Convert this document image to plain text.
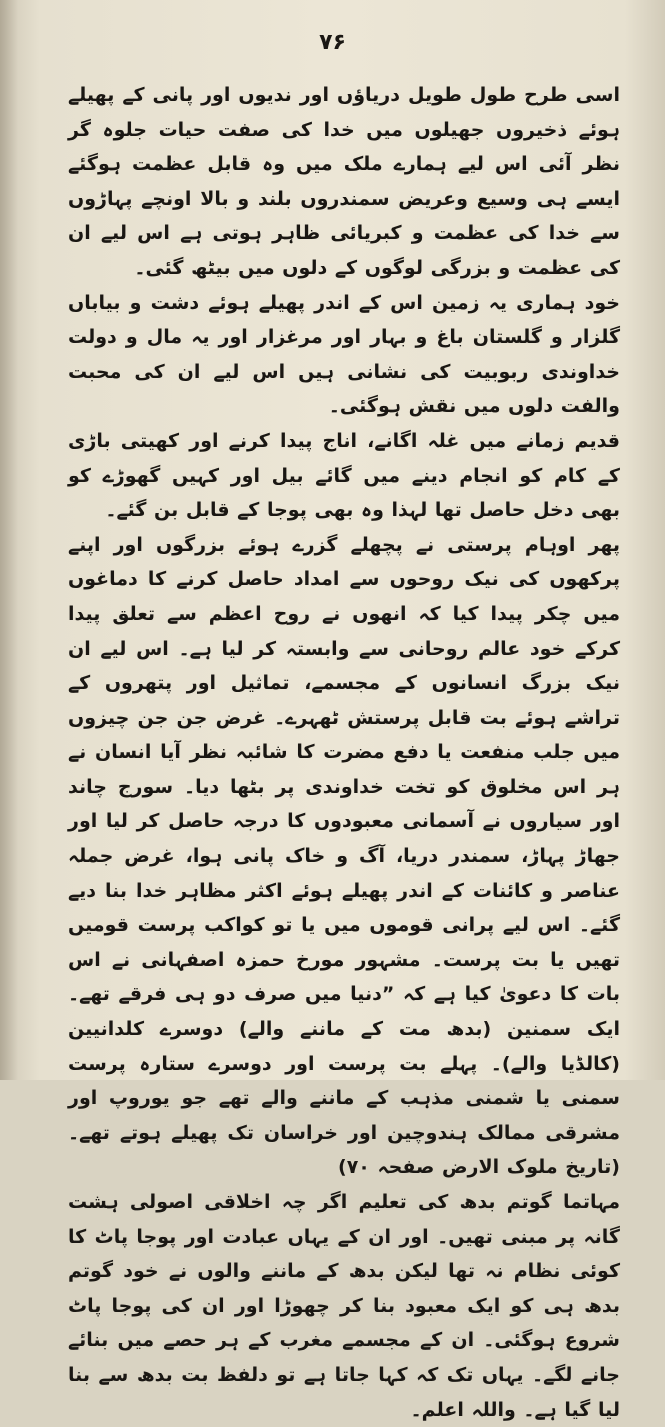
۷۶

اسی طرح طول طویل دریاؤں اور ندیوں اور پانی کے پھیلے ہوئے ذخیروں جھیلوں میں خدا کی صفت حیات جلوہ گر نظر آئی اس لیے ہمارے ملک میں وہ قابل عظمت ہوگئے ایسے ہی وسیع وعریض سمندروں بلند و بالا اونچے پہاڑوں سے خدا کی عظمت و کبریائی ظاہر ہوتی ہے اس لیے ان کی عظمت و بزرگی لوگوں کے دلوں میں بیٹھ گئی۔

خود ہماری یہ زمین اس کے اندر پھیلے ہوئے دشت و بیاباں گلزار و گلستان باغ و بہار اور مرغزار اور یہ مال و دولت خداوندی ربوبیت کی نشانی ہیں اس لیے ان کی محبت والفت دلوں میں نقش ہوگئی۔

قدیم زمانے میں غلہ اگانے، اناج پیدا کرنے اور کھیتی باڑی کے کام کو انجام دینے میں گائے بیل اور کہیں گھوڑے کو بھی دخل حاصل تھا لہذا وہ بھی پوجا کے قابل بن گئے۔

پھر اوہام پرستی نے پچھلے گزرے ہوئے بزرگوں اور اپنے پرکھوں کی نیک روحوں سے امداد حاصل کرنے کا دماغوں میں چکر پیدا کیا کہ انھوں نے روح اعظم سے تعلق پیدا کرکے خود عالم روحانی سے وابستہ کر لیا ہے۔ اس لیے ان نیک بزرگ انسانوں کے مجسمے، تماثیل اور پتھروں کے تراشے ہوئے بت قابل پرستش ٹھہرے۔ غرض جن جن چیزوں میں جلب منفعت یا دفع مضرت کا شائبہ نظر آیا انسان نے ہر اس مخلوق کو تخت خداوندی پر بٹھا دیا۔ سورج چاند اور سیاروں نے آسمانی معبودوں کا درجہ حاصل کر لیا اور جھاڑ پہاڑ، سمندر دریا، آگ و خاک پانی ہوا، غرض جملہ عناصر و کائنات کے اندر پھیلے ہوئے اکثر مظاہر خدا بنا دیے گئے۔ اس لیے پرانی قوموں میں یا تو کواکب پرست قومیں تھیں یا بت پرست۔ مشہور مورخ حمزہ اصفہانی نے اس بات کا دعویٰ کیا ہے کہ ”دنیا میں صرف دو ہی فرقے تھے۔ ایک سمنین (بدھ مت کے ماننے والے) دوسرے کلدانیین (کالڈیا والے)۔ پہلے بت پرست اور دوسرے ستارہ پرست سمنی یا شمنی مذہب کے ماننے والے تھے جو یوروپ اور مشرقی ممالک ہندوچین اور خراسان تک پھیلے ہوتے تھے۔ (تاریخ ملوک الارض صفحہ ۷۰)

مہاتما گوتم بدھ کی تعلیم اگر چہ اخلاقی اصولی ہشت گانہ پر مبنی تھیں۔ اور ان کے یہاں عبادت اور پوجا پاٹ کا کوئی نظام نہ تھا لیکن بدھ کے ماننے والوں نے خود گوتم بدھ ہی کو ایک معبود بنا کر چھوڑا اور ان کی پوجا پاٹ شروع ہوگئی۔ ان کے مجسمے مغرب کے ہر حصے میں بنائے جانے لگے۔ یہاں تک کہ کہا جاتا ہے تو دلفظ بت بدھ سے بنا لیا گیا ہے۔ واللہ اعلم۔
